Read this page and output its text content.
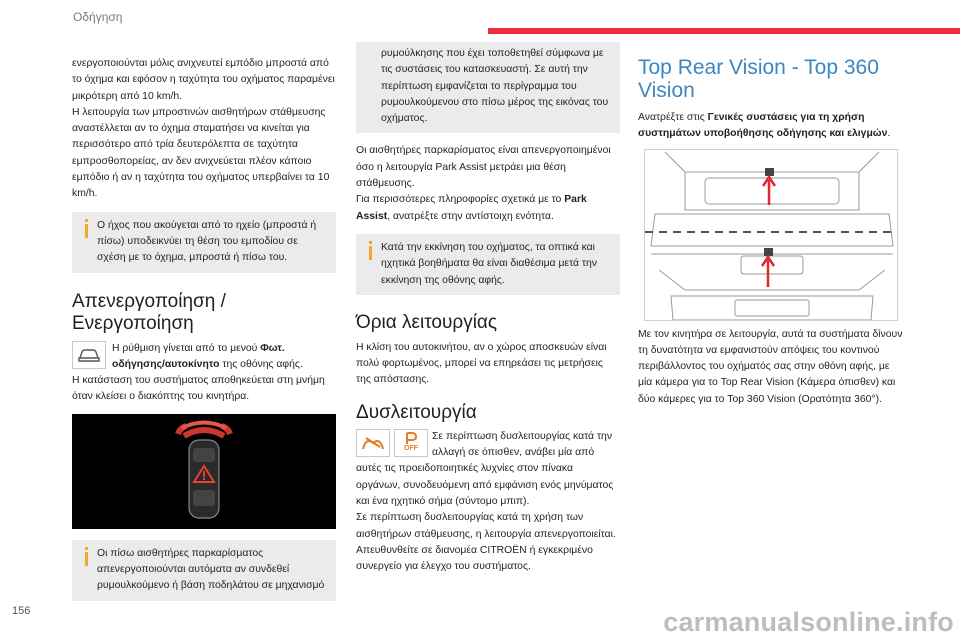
Οδήγηση

ενεργοποιούνται μόλις ανιχνευτεί εμπόδιο μπροστά από το όχημα και εφόσον η ταχύτητα του οχήματος παραμένει μικρότερη από 10 km/h.

Η λειτουργία των μπροστινών αισθητήρων στάθμευσης αναστέλλεται αν το όχημα σταματήσει να κινείται για περισσότερο από τρία δευτερόλεπτα σε ταχύτητα εμπροσθοπορείας, αν δεν ανιχνεύεται πλέον κάποιο εμπόδιο ή αν η ταχύτητα του οχήματος υπερβαίνει τα 10 km/h.

Ο ήχος που ακούγεται από το ηχείο (μπροστά ή πίσω) υποδεικνύει τη θέση του εμποδίου σε σχέση με το όχημα, μπροστά ή πίσω του.
Απενεργοποίηση / Ενεργοποίηση

Η ρύθμιση γίνεται από το μενού Φωτ. οδήγησης/αυτοκίνητο της οθόνης αφής.

Η κατάσταση του συστήματος αποθηκεύεται στη μνήμη όταν κλείσει ο διακόπτης του κινητήρα.

Οι πίσω αισθητήρες παρκαρίσματος απενεργοποιούνται αυτόματα αν συνδεθεί ρυμουλκούμενο ή βάση ποδηλάτου σε μηχανισμό
ρυμούλκησης που έχει τοποθετηθεί σύμφωνα με τις συστάσεις του κατασκευαστή. Σε αυτή την περίπτωση εμφανίζεται το περίγραμμα του ρυμουλκούμενου στο πίσω μέρος της εικόνας του οχήματος.

Οι αισθητήρες παρκαρίσματος είναι απενεργοποιημένοι όσο η λειτουργία Park Assist μετράει μια θέση στάθμευσης.

Για περισσότερες πληροφορίες σχετικά με το Park Assist, ανατρέξτε στην αντίστοιχη ενότητα.

Κατά την εκκίνηση του οχήματος, τα οπτικά και ηχητικά βοηθήματα θα είναι διαθέσιμα μετά την εκκίνηση της οθόνης αφής.
Όρια λειτουργίας

Η κλίση του αυτοκινήτου, αν ο χώρος αποσκευών είναι πολύ φορτωμένος, μπορεί να επηρεάσει τις μετρήσεις της απόστασης.

Δυσλειτουργία
OFF

Σε περίπτωση δυσλειτουργίας κατά την αλλαγή σε όπισθεν, ανάβει μία από αυτές τις προειδοποιητικές λυχνίες στον πίνακα οργάνων, συνοδευόμενη από εμφάνιση ενός μηνύματος και ένα ηχητικό σήμα (σύντομο μπιπ).

Σε περίπτωση δυσλειτουργίας κατά τη χρήση των αισθητήρων στάθμευσης, η λειτουργία απενεργοποιείται.

Απευθυνθείτε σε διανομέα CITROËN ή εγκεκριμένο συνεργείο για έλεγχο του συστήματος.

Top Rear Vision - Top 360 Vision

Ανατρέξτε στις Γενικές συστάσεις για τη χρήση συστημάτων υποβοήθησης οδήγησης και ελιγμών.

Με τον κινητήρα σε λειτουργία, αυτά τα συστήματα δίνουν τη δυνατότητα να εμφανιστούν απόψεις του κοντινού περιβάλλοντος του οχήματός σας στην οθόνη αφής, με μία κάμερα για το Top Rear Vision (Κάμερα όπισθεν) και δύο κάμερες για το Top 360 Vision (Ορατότητα 360°).

156	carmanualsonline.info
